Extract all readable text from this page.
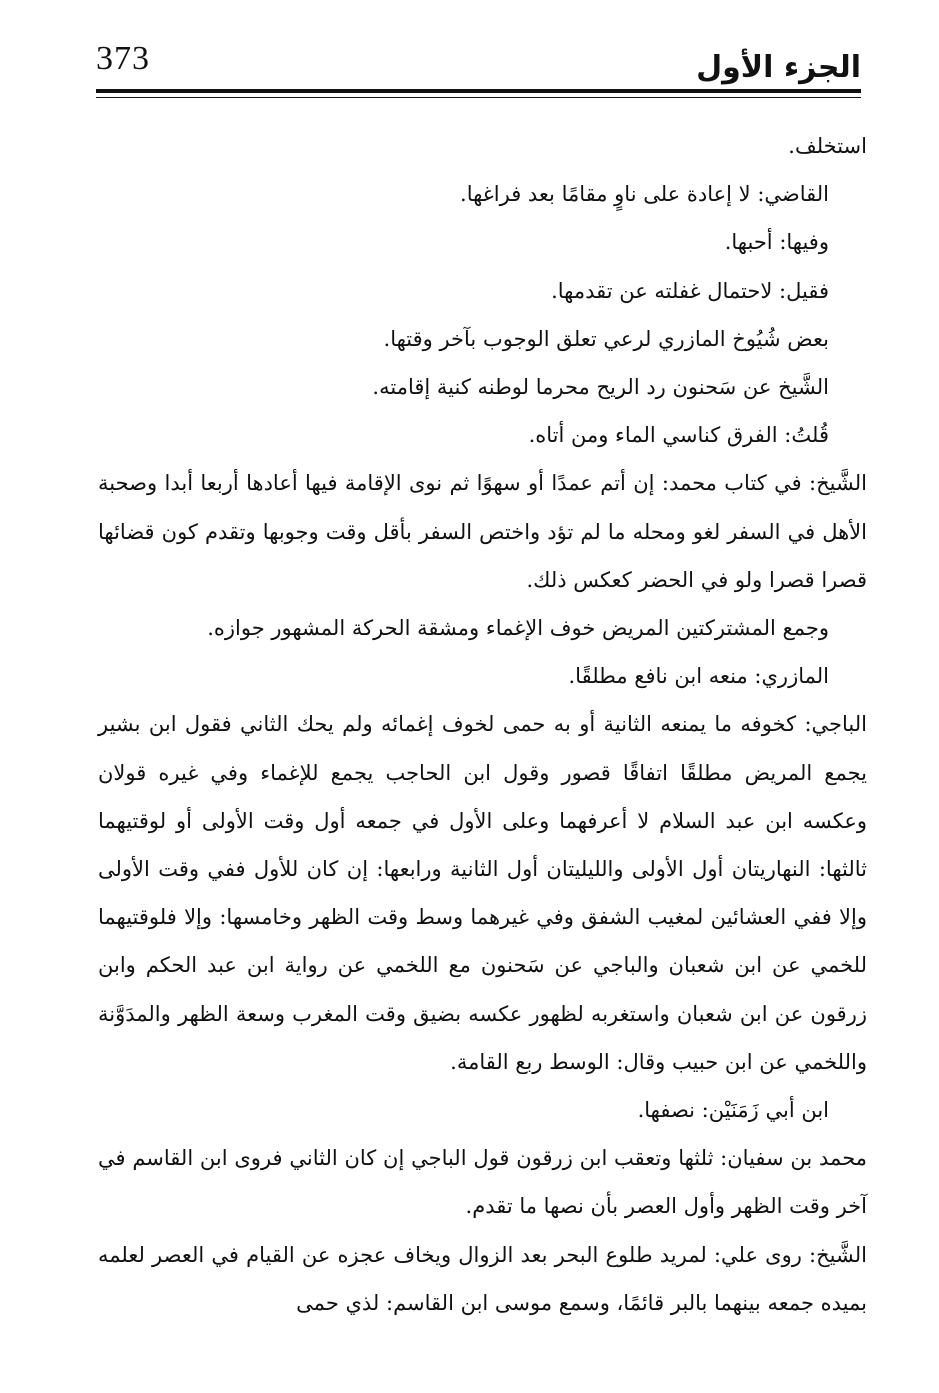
373	الجزء الأول

استخلف.

القاضي: لا إعادة على ناوٍ مقامًا بعد فراغها.

وفيها: أحبها.

فقيل: لاحتمال غفلته عن تقدمها.

بعض شُيُوخ المازري لرعي تعلق الوجوب بآخر وقتها.

الشَّيخ عن سَحنون رد الريح محرما لوطنه كنية إقامته.

قُلتُ: الفرق كناسي الماء ومن أتاه.

الشَّيخ: في كتاب محمد: إن أتم عمدًا أو سهوًا ثم نوى الإقامة فيها أعادها أربعا أبدا وصحبة الأهل في السفر لغو ومحله ما لم تؤد واختص السفر بأقل وقت وجوبها وتقدم كون قضائها قصرا قصرا ولو في الحضر كعكس ذلك.

وجمع المشتركتين المريض خوف الإغماء ومشقة الحركة المشهور جوازه.

المازري: منعه ابن نافع مطلقًا.

الباجي: كخوفه ما يمنعه الثانية أو به حمى لخوف إغمائه ولم يحك الثاني فقول ابن بشير يجمع المريض مطلقًا اتفاقًا قصور وقول ابن الحاجب يجمع للإغماء وفي غيره قولان وعكسه ابن عبد السلام لا أعرفهما وعلى الأول في جمعه أول وقت الأولى أو لوقتيهما ثالثها: النهاريتان أول الأولى والليليتان أول الثانية ورابعها: إن كان للأول ففي وقت الأولى وإلا ففي العشائين لمغيب الشفق وفي غيرهما وسط وقت الظهر وخامسها: وإلا فلوقتيهما للخمي عن ابن شعبان والباجي عن سَحنون مع اللخمي عن رواية ابن عبد الحكم وابن زرقون عن ابن شعبان واستغربه لظهور عكسه بضيق وقت المغرب وسعة الظهر والمدَوَّنة واللخمي عن ابن حبيب وقال: الوسط ربع القامة.

ابن أبي زَمَنَيْن: نصفها.

محمد بن سفيان: ثلثها وتعقب ابن زرقون قول الباجي إن كان الثاني فروى ابن القاسم في آخر وقت الظهر وأول العصر بأن نصها ما تقدم.

الشَّيخ: روى علي: لمريد طلوع البحر بعد الزوال ويخاف عجزه عن القيام في العصر لعلمه بميده جمعه بينهما بالبر قائمًا، وسمع موسى ابن القاسم: لذي حمى
